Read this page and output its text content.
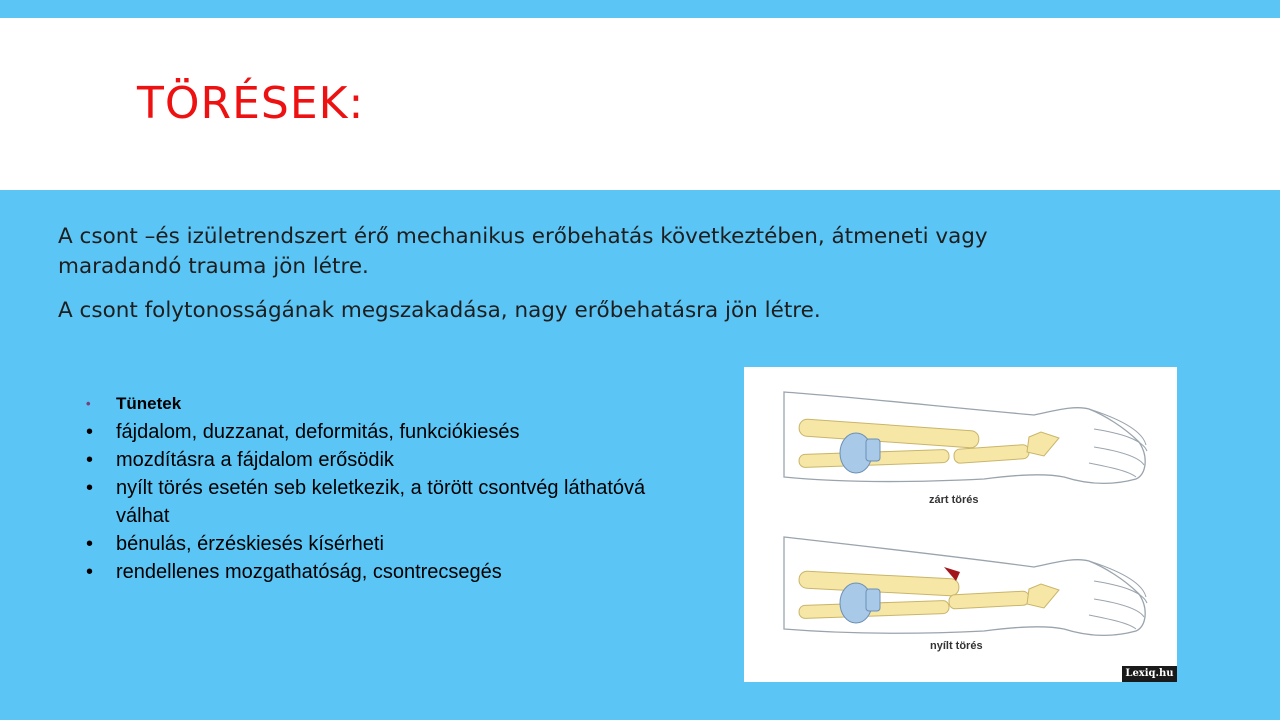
TÖRÉSEK:

A csont –és izületrendszert érő mechanikus erőbehatás következtében, átmeneti vagy maradandó trauma jön létre.

A csont folytonosságának megszakadása, nagy erőbehatásra jön létre.

• Tünetek:
• fájdalom, duzzanat, deformitás, funkciókiesés
• mozdításra a fájdalom erősödik
• nyílt törés esetén seb keletkezik, a törött csontvég láthatóvá válhat
• bénulás, érzéskiesés kísérheti
• rendellenes mozgathatóság, csontrecsegés
zárt törés
nyílt törés
Lexiq.hu
